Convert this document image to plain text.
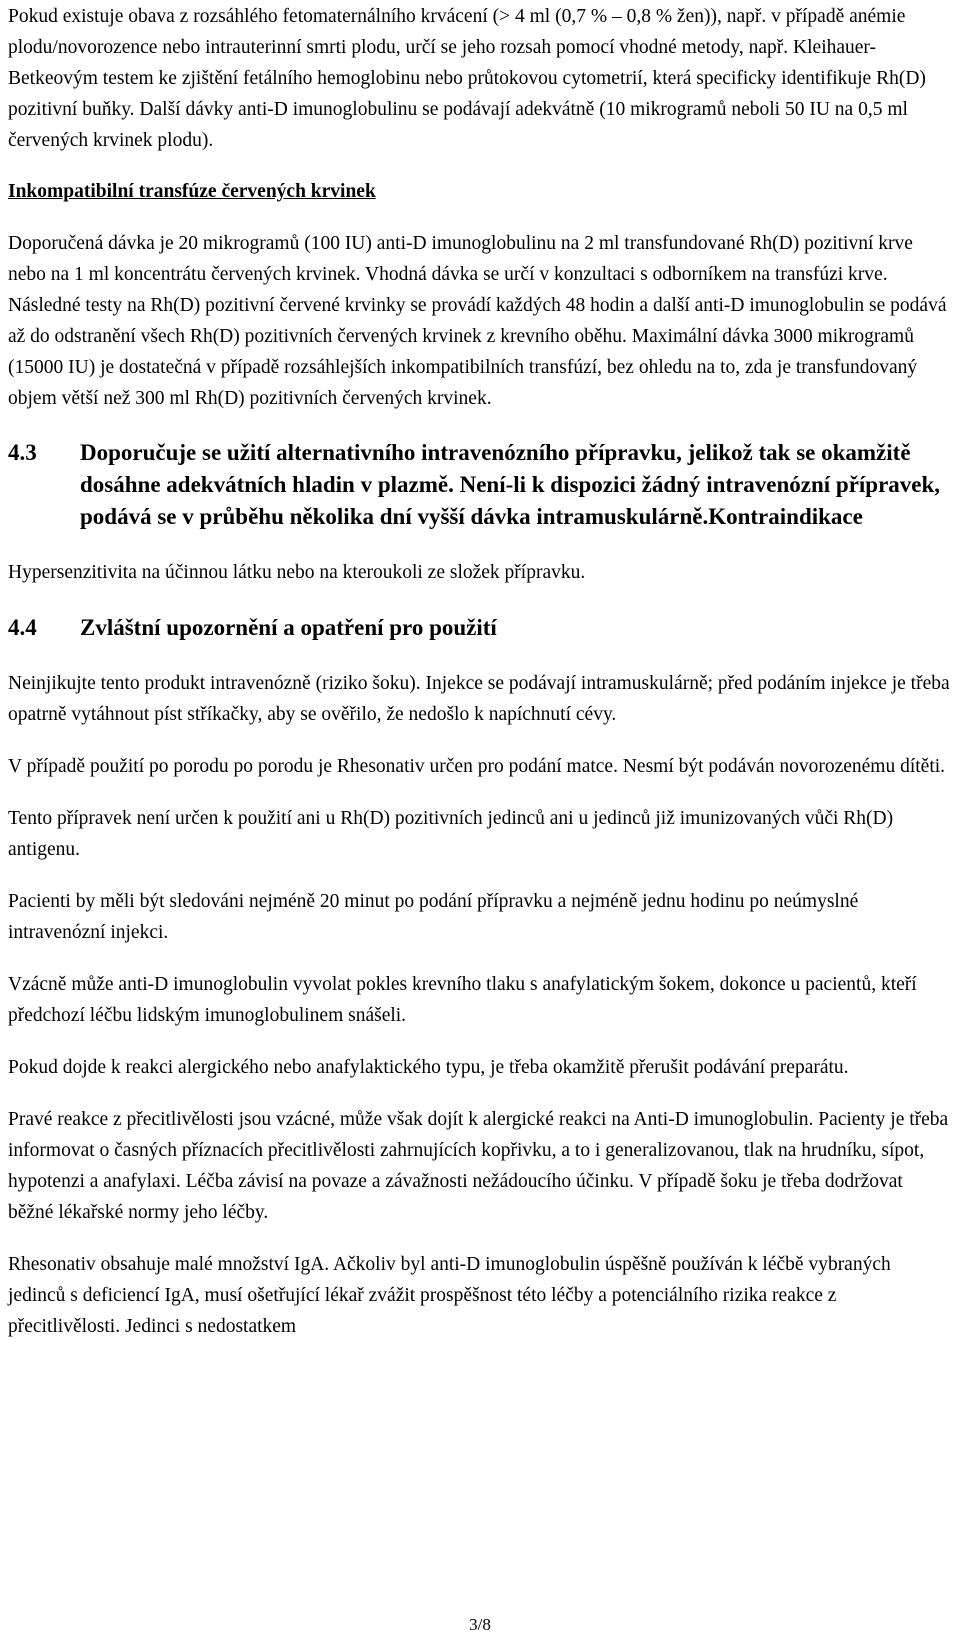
Pokud existuje obava z rozsáhlého fetomaternálního krvácení (> 4 ml (0,7 % – 0,8 % žen)), např. v případě anémie plodu/novorozence nebo intrauterinní smrti plodu, určí se jeho rozsah pomocí vhodné metody, např. Kleihauer-Betkeovým testem ke zjištění fetálního hemoglobinu nebo průtokovou cytometrií, která specificky identifikuje Rh(D) pozitivní buňky. Další dávky anti-D imunoglobulinu se podávají adekvátně (10 mikrogramů neboli 50 IU na 0,5 ml červených krvinek plodu).

Inkompatibilní transfúze červených krvinek

Doporučená dávka je 20 mikrogramů (100 IU) anti-D imunoglobulinu na 2 ml transfundované Rh(D) pozitivní krve nebo na 1 ml koncentrátu červených krvinek. Vhodná dávka se určí v konzultaci s odborníkem na transfúzi krve. Následné testy na Rh(D) pozitivní červené krvinky se provádí každých 48 hodin a další anti-D imunoglobulin se podává až do odstranění všech Rh(D) pozitivních červených krvinek z krevního oběhu. Maximální dávka 3000 mikrogramů (15000 IU) je dostatečná v případě rozsáhlejších inkompatibilních transfúzí, bez ohledu na to, zda je transfundovaný objem větší než 300 ml Rh(D) pozitivních červených krvinek.

4.3	Doporučuje se užití alternativního intravenózního přípravku, jelikož tak se okamžitě dosáhne adekvátních hladin v plazmě. Není-li k dispozici žádný intravenózní přípravek, podává se v průběhu několika dní vyšší dávka intramuskulárně.Kontraindikace

Hypersenzitivita na účinnou látku nebo na kteroukoli ze složek přípravku.

4.4	Zvláštní upozornění a opatření pro použití

Neinjikujte tento produkt intravenózně (riziko šoku). Injekce se podávají intramuskulárně; před podáním injekce je třeba opatrně vytáhnout píst stříkačky, aby se ověřilo, že nedošlo k napíchnutí cévy.

V případě použití po porodu po porodu je Rhesonativ určen pro podání matce. Nesmí být podáván novorozenému dítěti.

Tento přípravek není určen k použití ani u Rh(D) pozitivních jedinců ani u jedinců již imunizovaných vůči Rh(D) antigenu.

Pacienti by měli být sledováni nejméně 20 minut po podání přípravku a nejméně jednu hodinu po neúmyslné intravenózní injekci.

Vzácně může anti-D imunoglobulin vyvolat pokles krevního tlaku s anafylatickým šokem, dokonce u pacientů, kteří předchozí léčbu lidským imunoglobulinem snášeli.

Pokud dojde k reakci alergického nebo anafylaktického typu, je třeba okamžitě přerušit podávání preparátu.

Pravé reakce z přecitlivělosti jsou vzácné, může však dojít k alergické reakci na Anti-D imunoglobulin. Pacienty je třeba informovat o časných příznacích přecitlivělosti zahrnujících kopřivku, a to i generalizovanou, tlak na hrudníku, sípot, hypotenzi a anafylaxi. Léčba závisí na povaze a závažnosti nežádoucího účinku. V případě šoku je třeba dodržovat běžné lékařské normy jeho léčby.

Rhesonativ obsahuje malé množství IgA. Ačkoliv byl anti-D imunoglobulin úspěšně používán k léčbě vybraných jedinců s deficiencí IgA, musí ošetřující lékař zvážit prospěšnost této léčby a potenciálního rizika reakce z přecitlivělosti. Jedinci s nedostatkem

3/8
